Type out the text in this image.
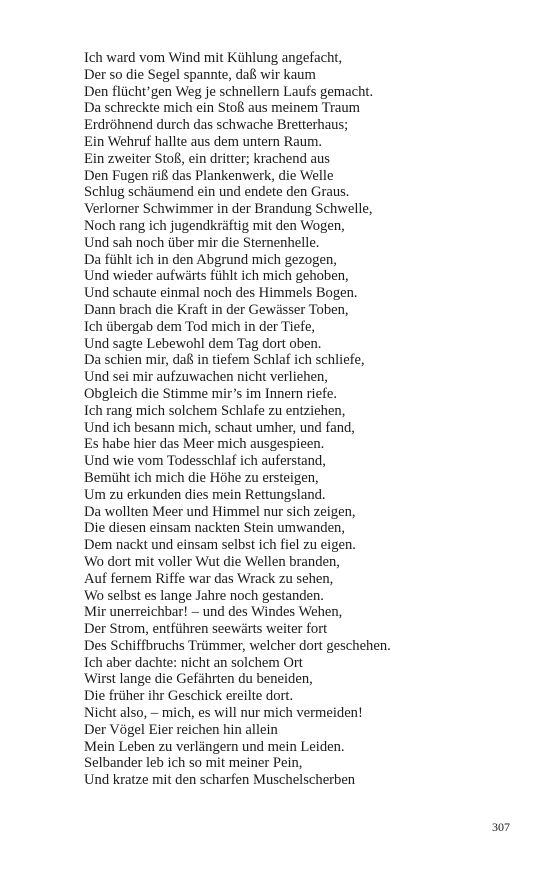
Ich ward vom Wind mit Kühlung angefacht,
Der so die Segel spannte, daß wir kaum
Den flücht’gen Weg je schnellern Laufs gemacht.
Da schreckte mich ein Stoß aus meinem Traum
Erdröhnend durch das schwache Bretterhaus;
Ein Wehruf hallte aus dem untern Raum.
Ein zweiter Stoß, ein dritter; krachend aus
Den Fugen riß das Plankenwerk, die Welle
Schlug schäumend ein und endete den Graus.
Verlorner Schwimmer in der Brandung Schwelle,
Noch rang ich jugendkräftig mit den Wogen,
Und sah noch über mir die Sternenhelle.
Da fühlt ich in den Abgrund mich gezogen,
Und wieder aufwärts fühlt ich mich gehoben,
Und schaute einmal noch des Himmels Bogen.
Dann brach die Kraft in der Gewässer Toben,
Ich übergab dem Tod mich in der Tiefe,
Und sagte Lebewohl dem Tag dort oben.
Da schien mir, daß in tiefem Schlaf ich schliefe,
Und sei mir aufzuwachen nicht verliehen,
Obgleich die Stimme mir’s im Innern riefe.
Ich rang mich solchem Schlafe zu entziehen,
Und ich besann mich, schaut umher, und fand,
Es habe hier das Meer mich ausgespieen.
Und wie vom Todesschlaf ich auferstand,
Bemüht ich mich die Höhe zu ersteigen,
Um zu erkunden dies mein Rettungsland.
Da wollten Meer und Himmel nur sich zeigen,
Die diesen einsam nackten Stein umwanden,
Dem nackt und einsam selbst ich fiel zu eigen.
Wo dort mit voller Wut die Wellen branden,
Auf fernem Riffe war das Wrack zu sehen,
Wo selbst es lange Jahre noch gestanden.
Mir unerreichbar! – und des Windes Wehen,
Der Strom, entführen seewärts weiter fort
Des Schiffbruchs Trümmer, welcher dort geschehen.
Ich aber dachte: nicht an solchem Ort
Wirst lange die Gefährten du beneiden,
Die früher ihr Geschick ereilte dort.
Nicht also, – mich, es will nur mich vermeiden!
Der Vögel Eier reichen hin allein
Mein Leben zu verlängern und mein Leiden.
Selbander leb ich so mit meiner Pein,
Und kratze mit den scharfen Muschelscherben
307
